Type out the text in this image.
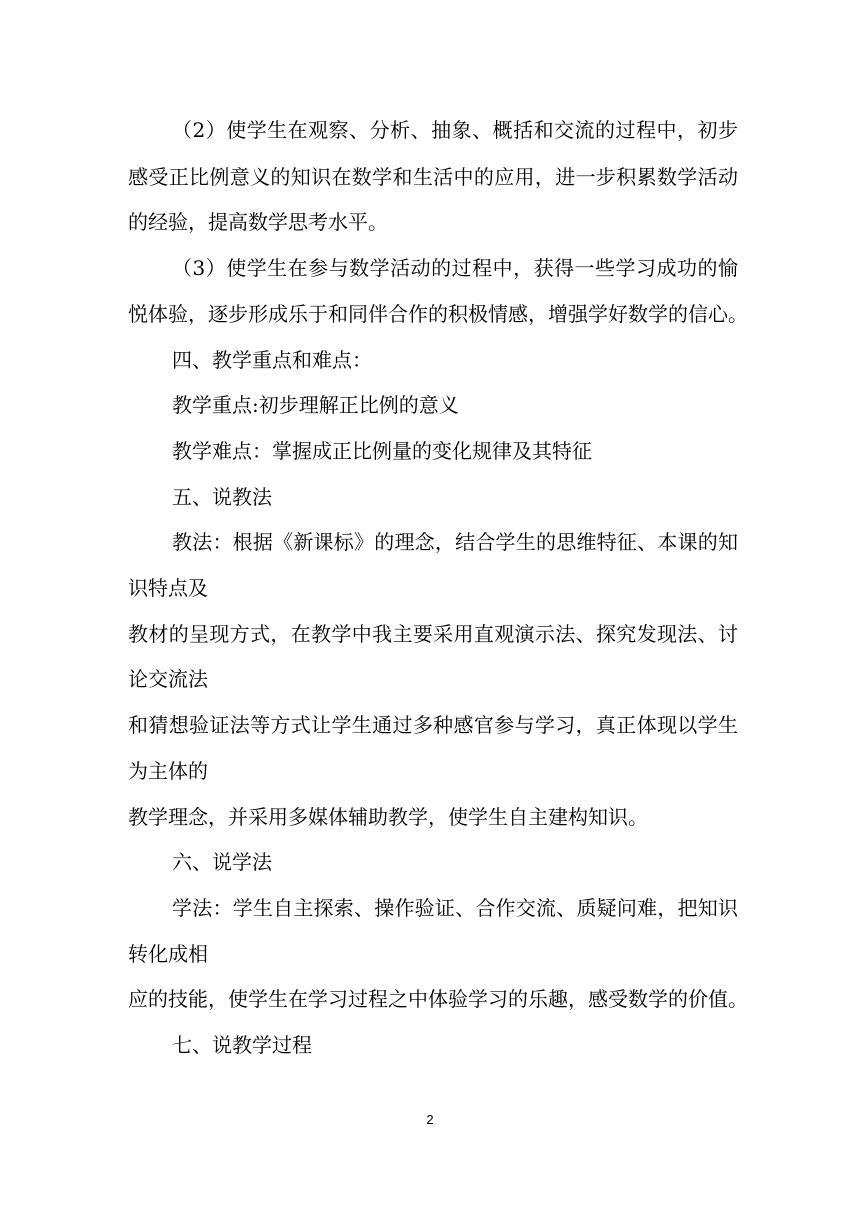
（2）使学生在观察、分析、抽象、概括和交流的过程中，初步
感受正比例意义的知识在数学和生活中的应用，进一步积累数学活动
的经验，提高数学思考水平。
（3）使学生在参与数学活动的过程中，获得一些学习成功的愉
悦体验，逐步形成乐于和同伴合作的积极情感，增强学好数学的信心。
四、教学重点和难点：
教学重点:初步理解正比例的意义
教学难点：掌握成正比例量的变化规律及其特征
五、说教法
教法：根据《新课标》的理念，结合学生的思维特征、本课的知
识特点及
教材的呈现方式，在教学中我主要采用直观演示法、探究发现法、讨
论交流法
和猜想验证法等方式让学生通过多种感官参与学习，真正体现以学生
为主体的
教学理念，并采用多媒体辅助教学，使学生自主建构知识。
六、说学法
学法：学生自主探索、操作验证、合作交流、质疑问难，把知识
转化成相
应的技能，使学生在学习过程之中体验学习的乐趣，感受数学的价值。
七、说教学过程
2
